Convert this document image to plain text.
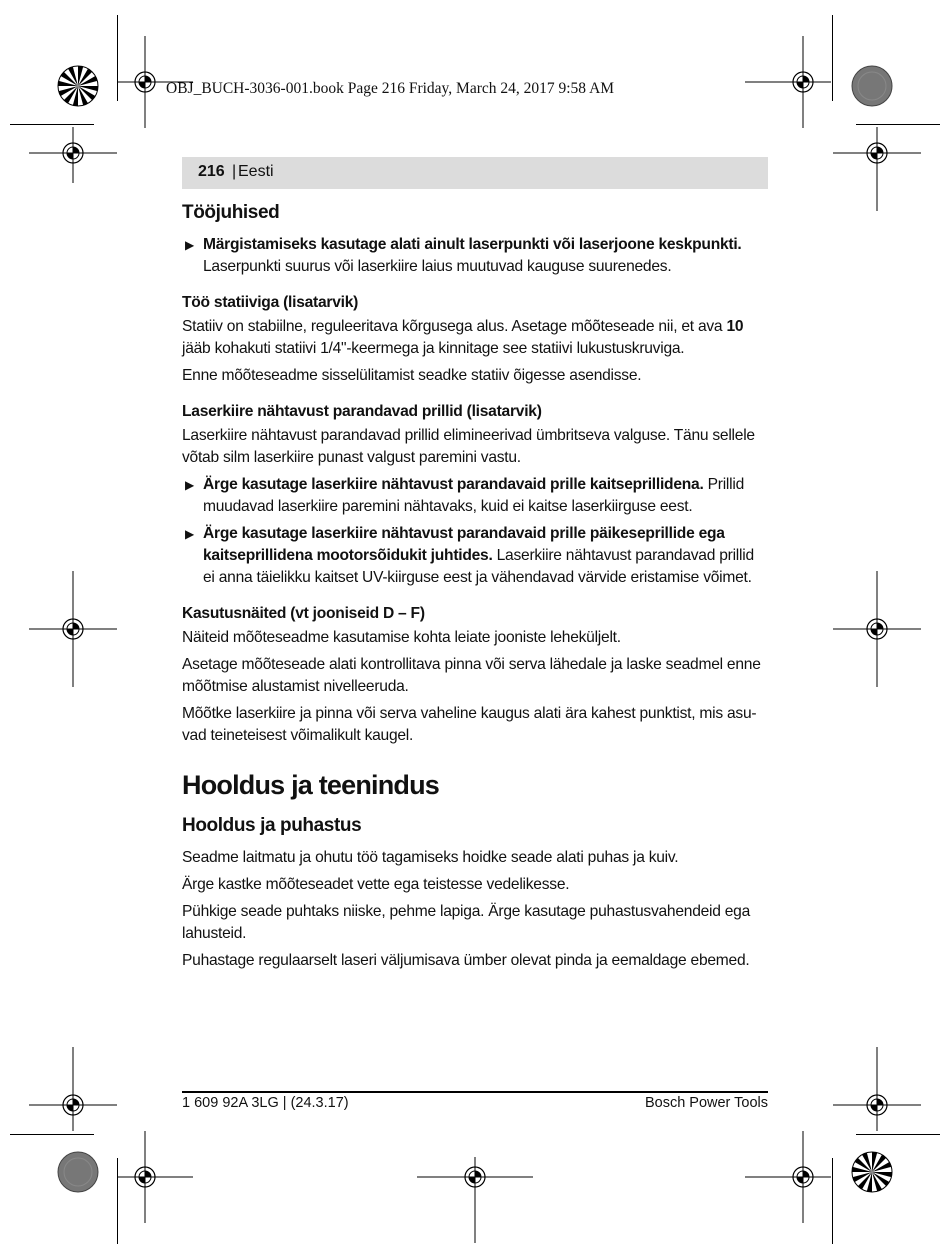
OBJ_BUCH-3036-001.book Page 216 Friday, March 24, 2017 9:58 AM
216 | Eesti
Tööjuhised
▶ Märgistamiseks kasutage alati ainult laserpunkti või laserjoone keskpunkti.
Laserpunkti suurus või laserkiire laius muutuvad kauguse suurenedes.
Töö statiiviga (lisatarvik)

Statiiv on stabiilne, reguleeritava kõrgusega alus. Asetage mõõteseade nii, et ava 10 jääb kohakuti statiivi 1/4"-keermega ja kinnitage see statiivi lukustuskruviga.

Enne mõõteseadme sisselülitamist seadke statiiv õigesse asendisse.

Laserkiire nähtavust parandavad prillid (lisatarvik)

Laserkiire nähtavust parandavad prillid elimineerivad ümbritseva valguse. Tänu sellele võtab silm laserkiire punast valgust paremini vastu.

▶ Ärge kasutage laserkiire nähtavust parandavaid prille kaitseprillidena. Prillid muudavad laserkiire paremini nähtavaks, kuid ei kaitse laserkiirguse eest.
▶ Ärge kasutage laserkiire nähtavust parandavaid prille päikeseprillide ega kaitseprillidena mootorsõidukit juhtides. Laserkiire nähtavust parandavad prillid ei anna täielikku kaitset UV-kiirguse eest ja vähendavad värvide eristamise võimet.
Kasutusnäited (vt jooniseid D – F)

Näiteid mõõteseadme kasutamise kohta leiate jooniste leheküljelt.

Asetage mõõteseade alati kontrollitava pinna või serva lähedale ja laske seadmel enne mõõtmise alustamist nivelleeruda.

Mõõtke laserkiire ja pinna või serva vaheline kaugus alati ära kahest punktist, mis asuvad teineteisest võimalikult kaugel.

Hooldus ja teenindus
Hooldus ja puhastus

Seadme laitmatu ja ohutu töö tagamiseks hoidke seade alati puhas ja kuiv.

Ärge kastke mõõteseadet vette ega teistesse vedelikesse.

Pühkige seade puhtaks niiske, pehme lapiga. Ärge kasutage puhastusvahendeid ega lahusteid.

Puhastage regulaarselt laseri väljumisava ümber olevat pinda ja eemaldage ebemed.

1 609 92A 3LG | (24.3.17)	Bosch Power Tools
